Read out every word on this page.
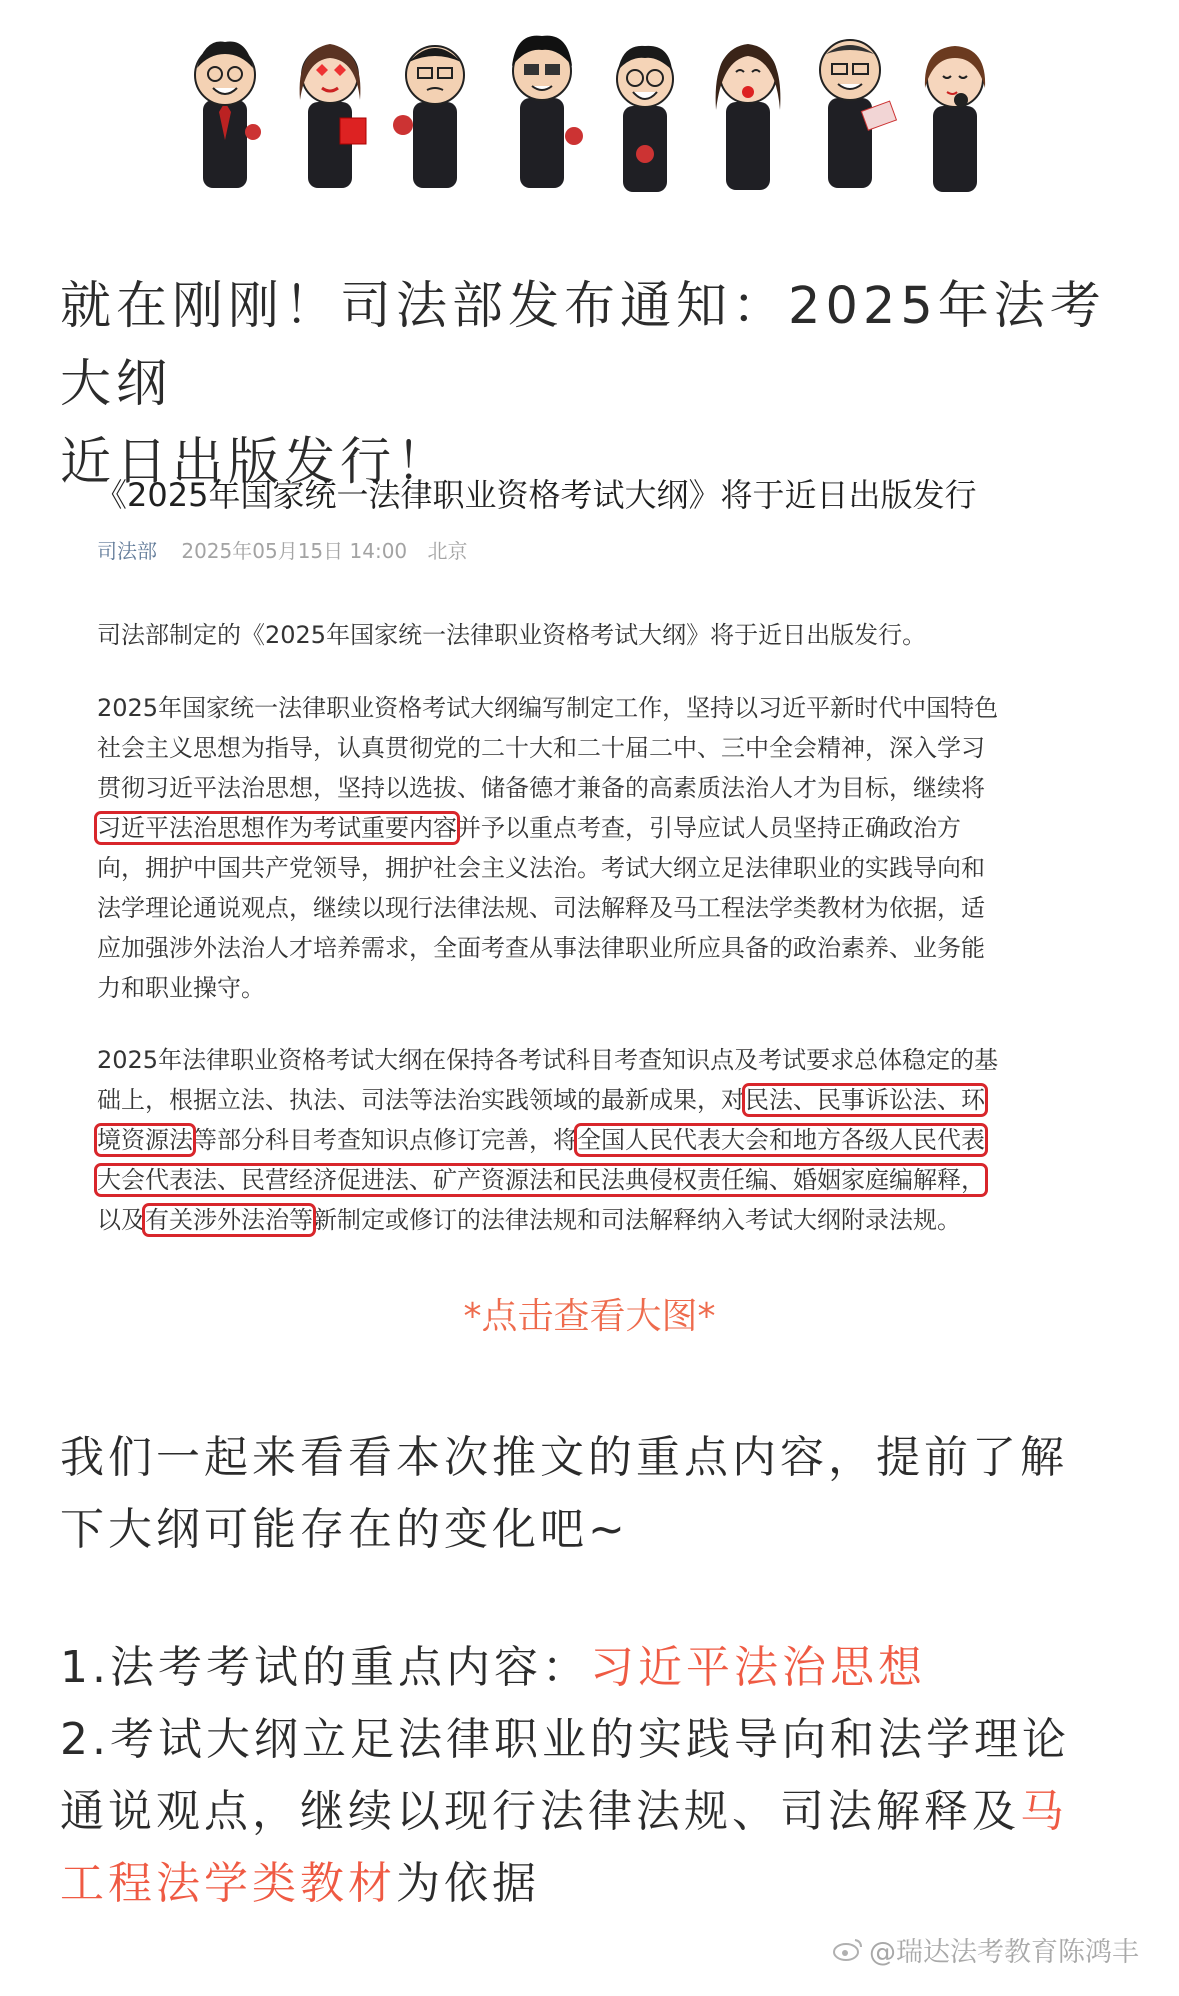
就在刚刚！司法部发布通知：2025年法考大纲
近日出版发行！
《2025年国家统一法律职业资格考试大纲》将于近日出版发行
司法部 2025年05月15日 14:00 北京
司法部制定的《2025年国家统一法律职业资格考试大纲》将于近日出版发行。
2025年国家统一法律职业资格考试大纲编写制定工作，坚持以习近平新时代中国特色
社会主义思想为指导，认真贯彻党的二十大和二十届二中、三中全会精神，深入学习
贯彻习近平法治思想，坚持以选拔、储备德才兼备的高素质法治人才为目标，继续将
习近平法治思想作为考试重要内容并予以重点考查，引导应试人员坚持正确政治方
向，拥护中国共产党领导，拥护社会主义法治。考试大纲立足法律职业的实践导向和
法学理论通说观点，继续以现行法律法规、司法解释及马工程法学类教材为依据，适
应加强涉外法治人才培养需求，全面考查从事法律职业所应具备的政治素养、业务能
力和职业操守。
2025年法律职业资格考试大纲在保持各考试科目考查知识点及考试要求总体稳定的基
础上，根据立法、执法、司法等法治实践领域的最新成果，对民法、民事诉讼法、环
境资源法等部分科目考查知识点修订完善，将全国人民代表大会和地方各级人民代表
大会代表法、民营经济促进法、矿产资源法和民法典侵权责任编、婚姻家庭编解释，
以及有关涉外法治等新制定或修订的法律法规和司法解释纳入考试大纲附录法规。
*点击查看大图*
我们一起来看看本次推文的重点内容，提前了解
下大纲可能存在的变化吧~
1.法考考试的重点内容：习近平法治思想
2.考试大纲立足法律职业的实践导向和法学理论
通说观点，继续以现行法律法规、司法解释及马
工程法学类教材为依据
@瑞达法考教育陈鸿丰
